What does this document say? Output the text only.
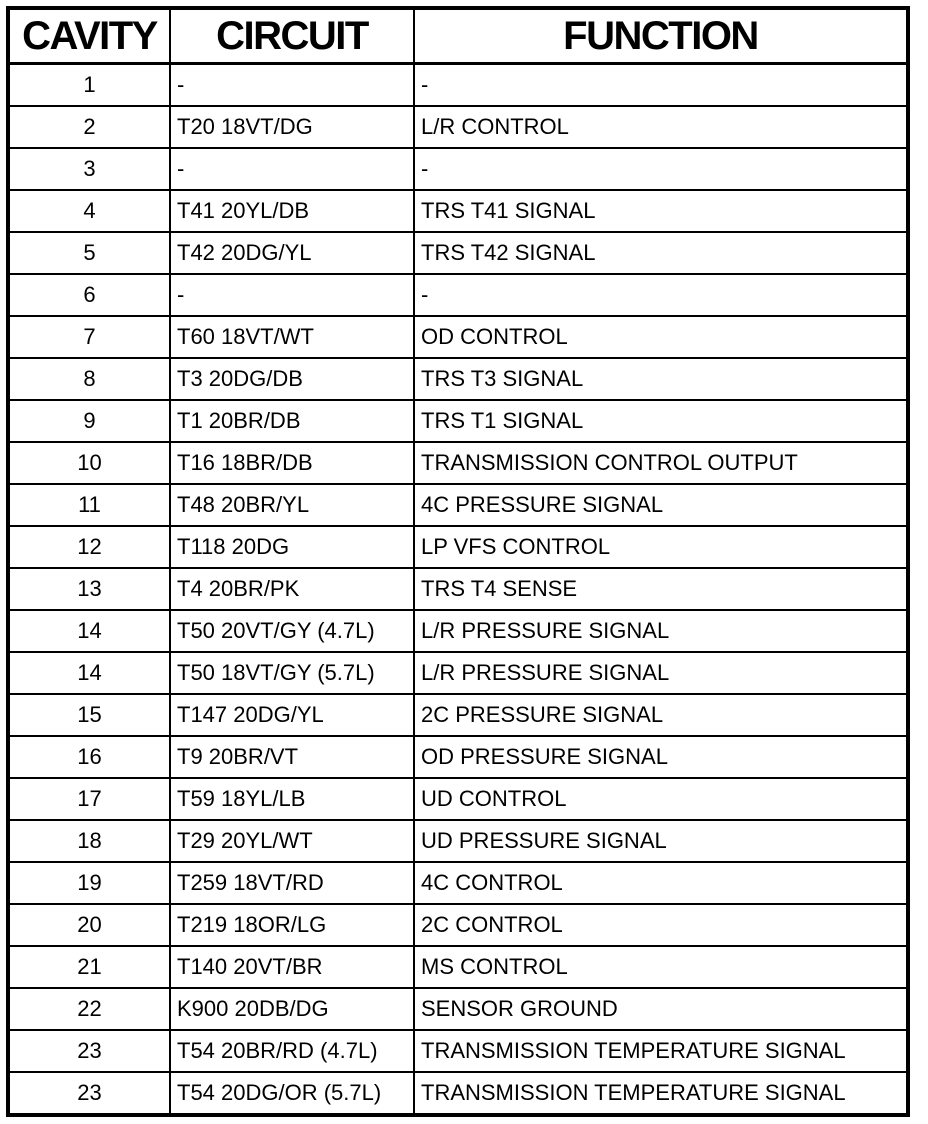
CAVITY	CIRCUIT	FUNCTION
1	-	-
2	T20 18VT/DG	L/R CONTROL
3	-	-
4	T41 20YL/DB	TRS T41 SIGNAL
5	T42 20DG/YL	TRS T42 SIGNAL
6	-	-
7	T60 18VT/WT	OD CONTROL
8	T3 20DG/DB	TRS T3 SIGNAL
9	T1 20BR/DB	TRS T1 SIGNAL
10	T16 18BR/DB	TRANSMISSION CONTROL OUTPUT
11	T48 20BR/YL	4C PRESSURE SIGNAL
12	T118 20DG	LP VFS CONTROL
13	T4 20BR/PK	TRS T4 SENSE
14	T50 20VT/GY (4.7L)	L/R PRESSURE SIGNAL
14	T50 18VT/GY (5.7L)	L/R PRESSURE SIGNAL
15	T147 20DG/YL	2C PRESSURE SIGNAL
16	T9 20BR/VT	OD PRESSURE SIGNAL
17	T59 18YL/LB	UD CONTROL
18	T29 20YL/WT	UD PRESSURE SIGNAL
19	T259 18VT/RD	4C CONTROL
20	T219 18OR/LG	2C CONTROL
21	T140 20VT/BR	MS CONTROL
22	K900 20DB/DG	SENSOR GROUND
23	T54 20BR/RD (4.7L)	TRANSMISSION TEMPERATURE SIGNAL
23	T54 20DG/OR (5.7L)	TRANSMISSION TEMPERATURE SIGNAL
